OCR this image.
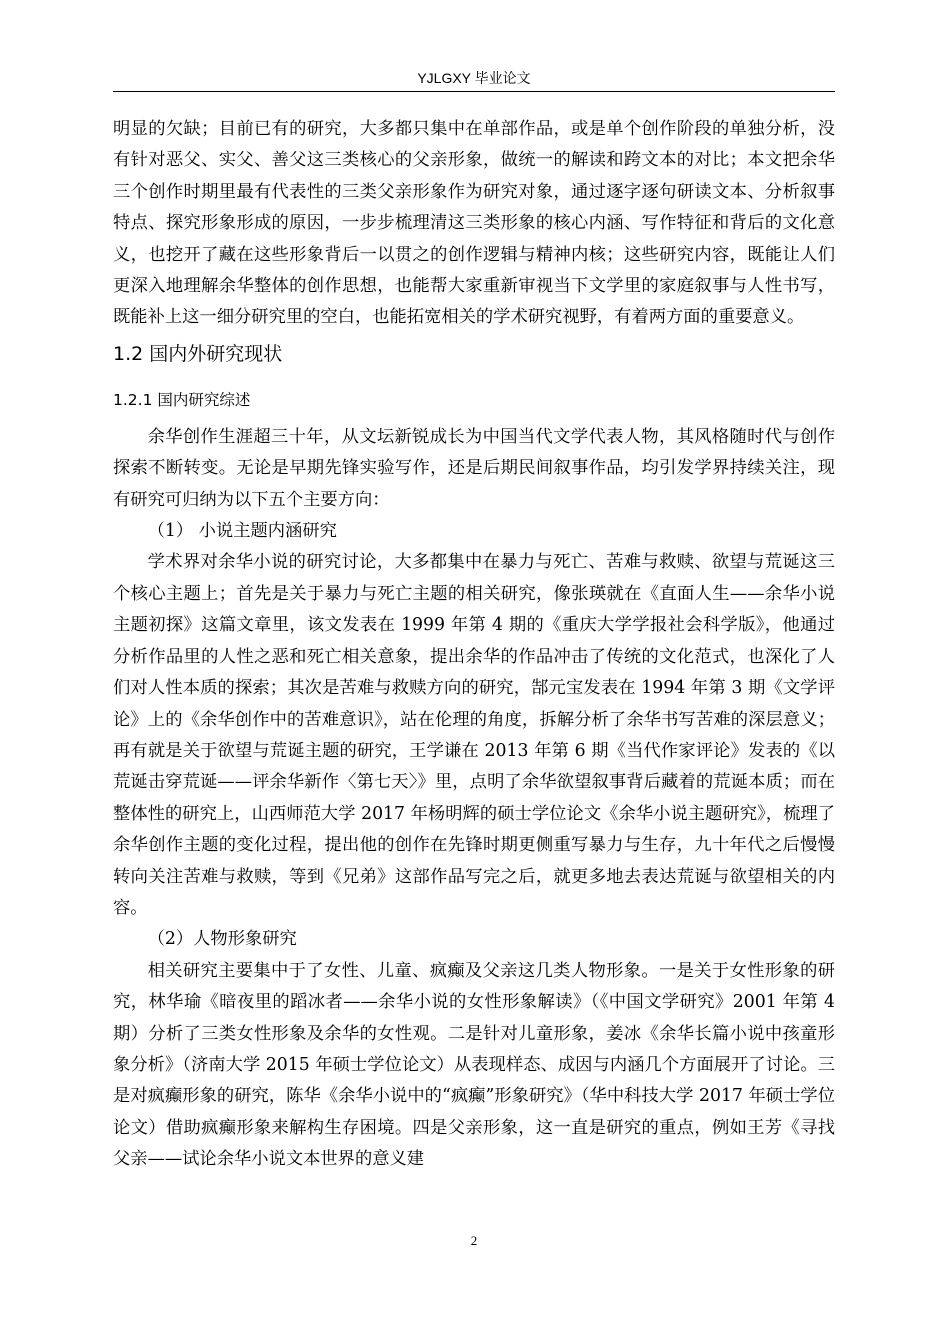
YJLGXY 毕业论文

明显的欠缺；目前已有的研究，大多都只集中在单部作品，或是单个创作阶段的单独分析，没有针对恶父、实父、善父这三类核心的父亲形象，做统一的解读和跨文本的对比；本文把余华三个创作时期里最有代表性的三类父亲形象作为研究对象，通过逐字逐句研读文本、分析叙事特点、探究形象形成的原因，一步步梳理清这三类形象的核心内涵、写作特征和背后的文化意义，也挖开了藏在这些形象背后一以贯之的创作逻辑与精神内核；这些研究内容，既能让人们更深入地理解余华整体的创作思想，也能帮大家重新审视当下文学里的家庭叙事与人性书写，既能补上这一细分研究里的空白，也能拓宽相关的学术研究视野，有着两方面的重要意义。

1.2 国内外研究现状
1.2.1 国内研究综述

余华创作生涯超三十年，从文坛新锐成长为中国当代文学代表人物，其风格随时代与创作探索不断转变。无论是早期先锋实验写作，还是后期民间叙事作品，均引发学界持续关注，现有研究可归纳为以下五个主要方向：

（1） 小说主题内涵研究

学术界对余华小说的研究讨论，大多都集中在暴力与死亡、苦难与救赎、欲望与荒诞这三个核心主题上；首先是关于暴力与死亡主题的相关研究，像张瑛就在《直面人生——余华小说主题初探》这篇文章里，该文发表在 1999 年第 4 期的《重庆大学学报社会科学版》，他通过分析作品里的人性之恶和死亡相关意象，提出余华的作品冲击了传统的文化范式，也深化了人们对人性本质的探索；其次是苦难与救赎方向的研究，郜元宝发表在 1994 年第 3 期《文学评论》上的《余华创作中的苦难意识》，站在伦理的角度，拆解分析了余华书写苦难的深层意义；再有就是关于欲望与荒诞主题的研究，王学谦在 2013 年第 6 期《当代作家评论》发表的《以荒诞击穿荒诞——评余华新作〈第七天〉》里，点明了余华欲望叙事背后藏着的荒诞本质；而在整体性的研究上，山西师范大学 2017 年杨明辉的硕士学位论文《余华小说主题研究》，梳理了余华创作主题的变化过程，提出他的创作在先锋时期更侧重写暴力与生存，九十年代之后慢慢转向关注苦难与救赎，等到《兄弟》这部作品写完之后，就更多地去表达荒诞与欲望相关的内容。

（2）人物形象研究

相关研究主要集中于了女性、儿童、疯癫及父亲这几类人物形象。一是关于女性形象的研究，林华瑜《暗夜里的蹈冰者——余华小说的女性形象解读》（《中国文学研究》2001 年第 4 期）分析了三类女性形象及余华的女性观。二是针对儿童形象，姜冰《余华长篇小说中孩童形象分析》（济南大学 2015 年硕士学位论文）从表现样态、成因与内涵几个方面展开了讨论。三是对疯癫形象的研究，陈华《余华小说中的“疯癫”形象研究》（华中科技大学 2017 年硕士学位论文）借助疯癫形象来解构生存困境。四是父亲形象，这一直是研究的重点，例如王芳《寻找父亲——试论余华小说文本世界的意义建

2
